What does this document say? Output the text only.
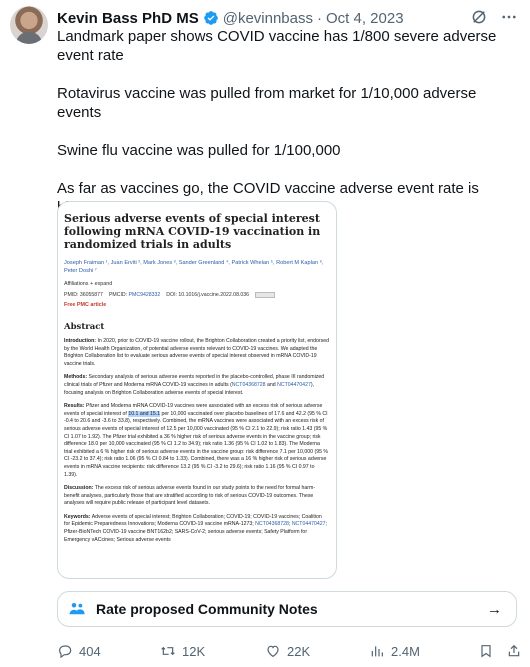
Kevin Bass PhD MS @kevinnbass · Oct 4, 2023

Landmark paper shows COVID vaccine has 1/800 severe adverse event rate

Rotavirus vaccine was pulled from market for 1/10,000 adverse events

Swine flu vaccine was pulled for 1/100,000

As far as vaccines go, the COVID vaccine adverse event rate is

Serious adverse events of special interest following mRNA COVID-19 vaccination in randomized trials in adults
Joseph Fraiman ¹, Juan Erviti ², Mark Jones ³, Sander Greenland ⁴, Patrick Whelan ⁵, Robert M Kaplan ⁶, Peter Doshi ⁷
Affiliations + expand
PMID: 36055877 PMCID: PMC9428332 DOI: 10.1016/j.vaccine.2022.08.036
Free PMC article
Abstract
Introduction: In 2020, prior to COVID-19 vaccine rollout, the Brighton Collaboration created a priority list, endorsed by the World Health Organization, of potential adverse events relevant to COVID-19 vaccines. We adapted the Brighton Collaboration list to evaluate serious adverse events of special interest observed in mRNA COVID-19 vaccine trials.
Methods: Secondary analysis of serious adverse events reported in the placebo-controlled, phase III randomized clinical trials of Pfizer and Moderna mRNA COVID-19 vaccines in adults (NCT04368728 and NCT04470427), focusing analysis on Brighton Collaboration adverse events of special interest.
Results: Pfizer and Moderna mRNA COVID-19 vaccines were associated with an excess risk of serious adverse events of special interest of 10.1 and 15.1 per 10,000 vaccinated over placebo baselines of 17.6 and 42.2 (95 % CI -0.4 to 20.6 and -3.6 to 33.8), respectively. Combined, the mRNA vaccines were associated with an excess risk of serious adverse events of special interest of 12.5 per 10,000 vaccinated (95 % CI 2.1 to 22.9); risk ratio 1.43 (95 % CI 1.07 to 1.92). The Pfizer trial exhibited a 36 % higher risk of serious adverse events in the vaccine group; risk difference 18.0 per 10,000 vaccinated (95 % CI 1.2 to 34.9); risk ratio 1.36 (95 % CI 1.02 to 1.83). The Moderna trial exhibited a 6 % higher risk of serious adverse events in the vaccine group: risk difference 7.1 per 10,000 (95 % CI -23.2 to 37.4); risk ratio 1.06 (95 % CI 0.84 to 1.33). Combined, there was a 16 % higher risk of serious adverse events in mRNA vaccine recipients: risk difference 13.2 (95 % CI -3.2 to 29.6); risk ratio 1.16 (95 % CI 0.97 to 1.39).
Discussion: The excess risk of serious adverse events found in our study points to the need for formal harm-benefit analyses, particularly those that are stratified according to risk of serious COVID-19 outcomes. These analyses will require public release of participant level datasets.
Keywords: Adverse events of special interest; Brighton Collaboration; COVID-19; COVID-19 vaccines; Coalition for Epidemic Preparedness Innovations; Moderna COVID-19 vaccine mRNA-1273; NCT04368728; NCT04470427; Pfizer-BioNTech COVID-19 vaccine BNT162b2; SARS-CoV-2; serious adverse events; Safety Platform for Emergency vACcines; Serious adverse events
Rate proposed Community Notes	→
404	12K	22K	2.4M
